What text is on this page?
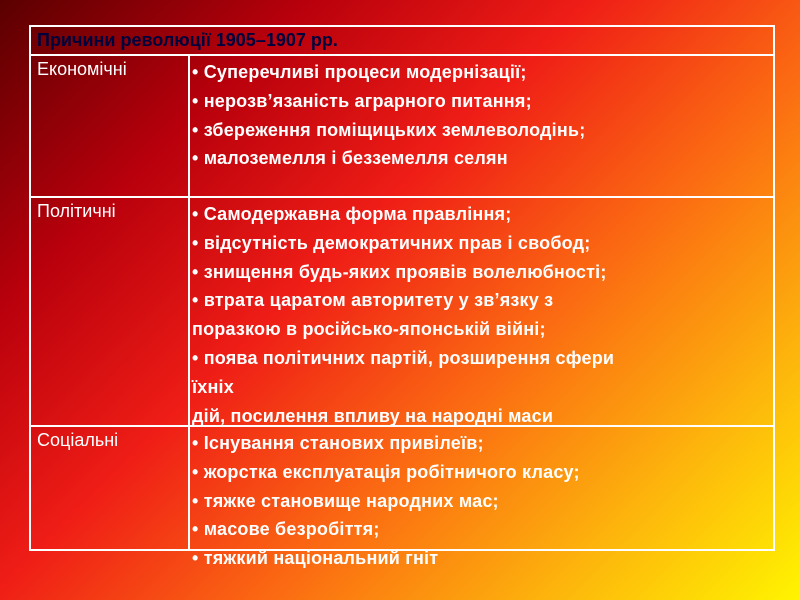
Причини революції 1905–1907 рр.
Економічні	• Суперечливі процеси модернізації;
• нерозв’язаність аграрного питання;
• збереження поміщицьких землеволодінь;
• малоземелля і безземелля селян
Політичні	• Самодержавна форма правління;
• відсутність демократичних прав і свобод;
• знищення будь-яких проявів волелюбності;
• втрата царатом авторитету у зв’язку з
поразкою в російсько-японській війні;
• поява політичних партій, розширення сфери
їхніх
дій, посилення впливу на народні маси
Соціальні	• Існування станових привілеїв;
• жорстка експлуатація робітничого класу;
• тяжке становище народних мас;
• масове безробіття;
• тяжкий національний гніт
